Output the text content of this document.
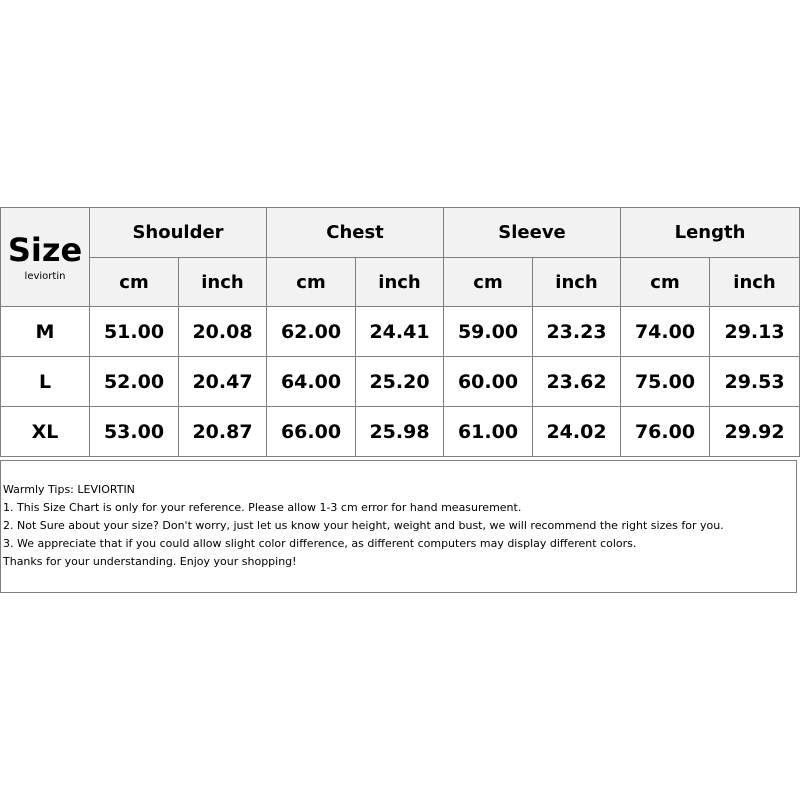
Size
leviortin	Shoulder		Chest		Sleeve		Length	
	cm	inch	cm	inch	cm	inch	cm	inch
M	51.00	20.08	62.00	24.41	59.00	23.23	74.00	29.13
L	52.00	20.47	64.00	25.20	60.00	23.62	75.00	29.53
XL	53.00	20.87	66.00	25.98	61.00	24.02	76.00	29.92
Warmly Tips: LEVIORTIN
1. This Size Chart is only for your reference. Please allow 1-3 cm error for hand measurement.
2. Not Sure about your size? Don't worry, just let us know your height, weight and bust, we will recommend the right sizes for you.
3. We appreciate that if you could allow slight color difference, as different computers may display different colors.
Thanks for your understanding. Enjoy your shopping!
